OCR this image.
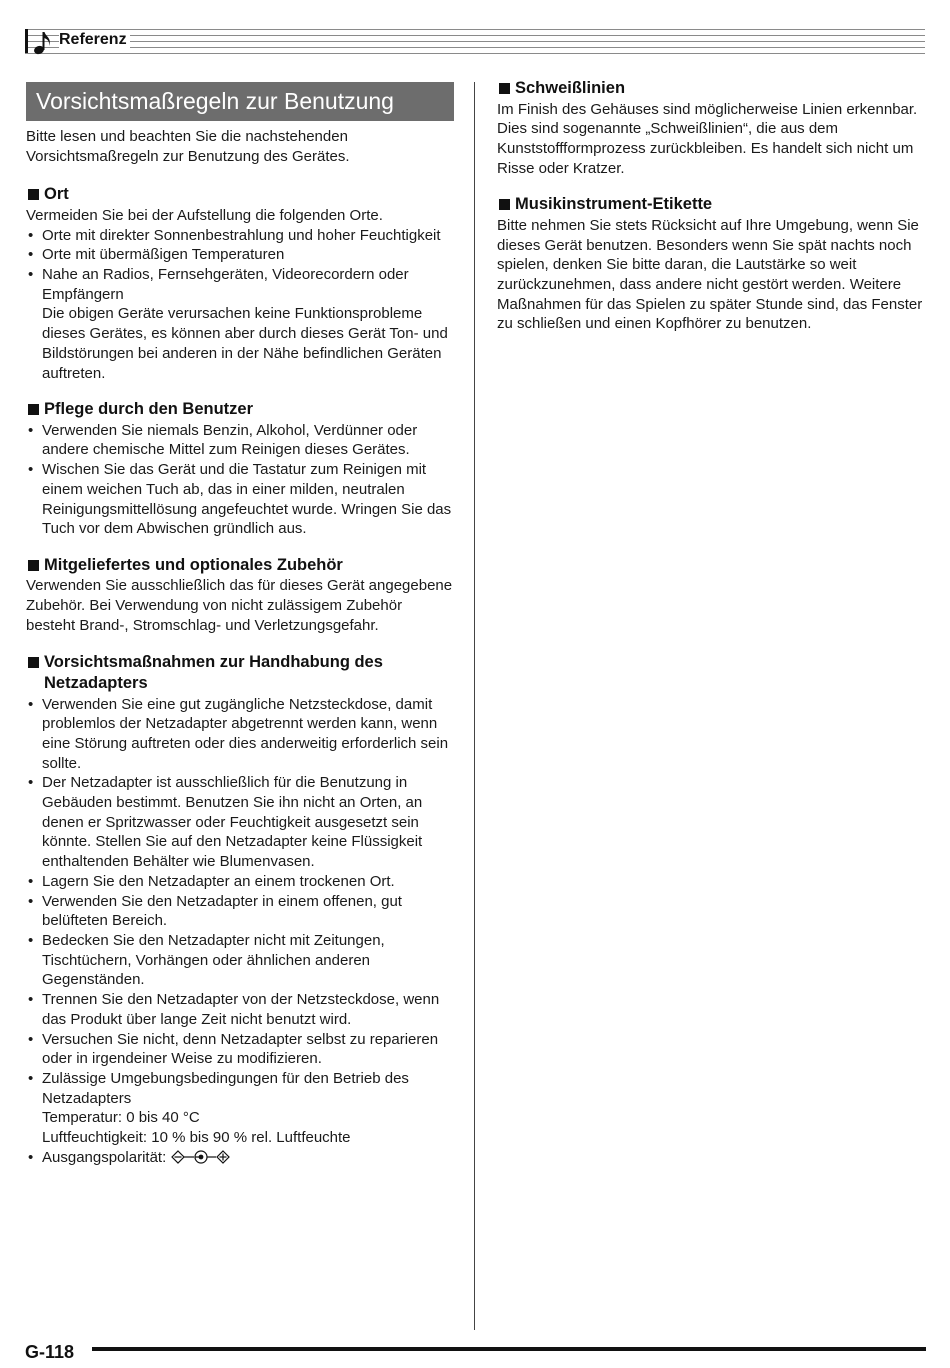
Referenz
Vorsichtsmaßregeln zur Benutzung

Bitte lesen und beachten Sie die nachstehenden Vorsichtsmaßregeln zur Benutzung des Gerätes.

Ort

Vermeiden Sie bei der Aufstellung die folgenden Orte.

• Orte mit direkter Sonnenbestrahlung und hoher Feuchtigkeit
• Orte mit übermäßigen Temperaturen
• Nahe an Radios, Fernsehgeräten, Videorecordern oder Empfängern
Die obigen Geräte verursachen keine Funktionsprobleme dieses Gerätes, es können aber durch dieses Gerät Ton- und Bildstörungen bei anderen in der Nähe befindlichen Geräten auftreten.
Pflege durch den Benutzer
• Verwenden Sie niemals Benzin, Alkohol, Verdünner oder andere chemische Mittel zum Reinigen dieses Gerätes.
• Wischen Sie das Gerät und die Tastatur zum Reinigen mit einem weichen Tuch ab, das in einer milden, neutralen Reinigungsmittellösung angefeuchtet wurde. Wringen Sie das Tuch vor dem Abwischen gründlich aus.
Mitgeliefertes und optionales Zubehör

Verwenden Sie ausschließlich das für dieses Gerät angegebene Zubehör. Bei Verwendung von nicht zulässigem Zubehör besteht Brand-, Stromschlag- und Verletzungsgefahr.

Vorsichtsmaßnahmen zur Handhabung des Netzadapters
• Verwenden Sie eine gut zugängliche Netzsteckdose, damit problemlos der Netzadapter abgetrennt werden kann, wenn eine Störung auftreten oder dies anderweitig erforderlich sein sollte.
• Der Netzadapter ist ausschließlich für die Benutzung in Gebäuden bestimmt. Benutzen Sie ihn nicht an Orten, an denen er Spritzwasser oder Feuchtigkeit ausgesetzt sein könnte. Stellen Sie auf den Netzadapter keine Flüssigkeit enthaltenden Behälter wie Blumenvasen.
• Lagern Sie den Netzadapter an einem trockenen Ort.
• Verwenden Sie den Netzadapter in einem offenen, gut belüfteten Bereich.
• Bedecken Sie den Netzadapter nicht mit Zeitungen, Tischtüchern, Vorhängen oder ähnlichen anderen Gegenständen.
• Trennen Sie den Netzadapter von der Netzsteckdose, wenn das Produkt über lange Zeit nicht benutzt wird.
• Versuchen Sie nicht, denn Netzadapter selbst zu reparieren oder in irgendeiner Weise zu modifizieren.
• Zulässige Umgebungsbedingungen für den Betrieb des Netzadapters
Temperatur: 0 bis 40 °C
Luftfeuchtigkeit: 10 % bis 90 % rel. Luftfeuchte
• Ausgangspolarität:
Schweißlinien

Im Finish des Gehäuses sind möglicherweise Linien erkennbar. Dies sind sogenannte „Schweißlinien“, die aus dem Kunststoffformprozess zurückbleiben. Es handelt sich nicht um Risse oder Kratzer.

Musikinstrument-Etikette

Bitte nehmen Sie stets Rücksicht auf Ihre Umgebung, wenn Sie dieses Gerät benutzen. Besonders wenn Sie spät nachts noch spielen, denken Sie bitte daran, die Lautstärke so weit zurückzunehmen, dass andere nicht gestört werden. Weitere Maßnahmen für das Spielen zu später Stunde sind, das Fenster zu schließen und einen Kopfhörer zu benutzen.

G-118
